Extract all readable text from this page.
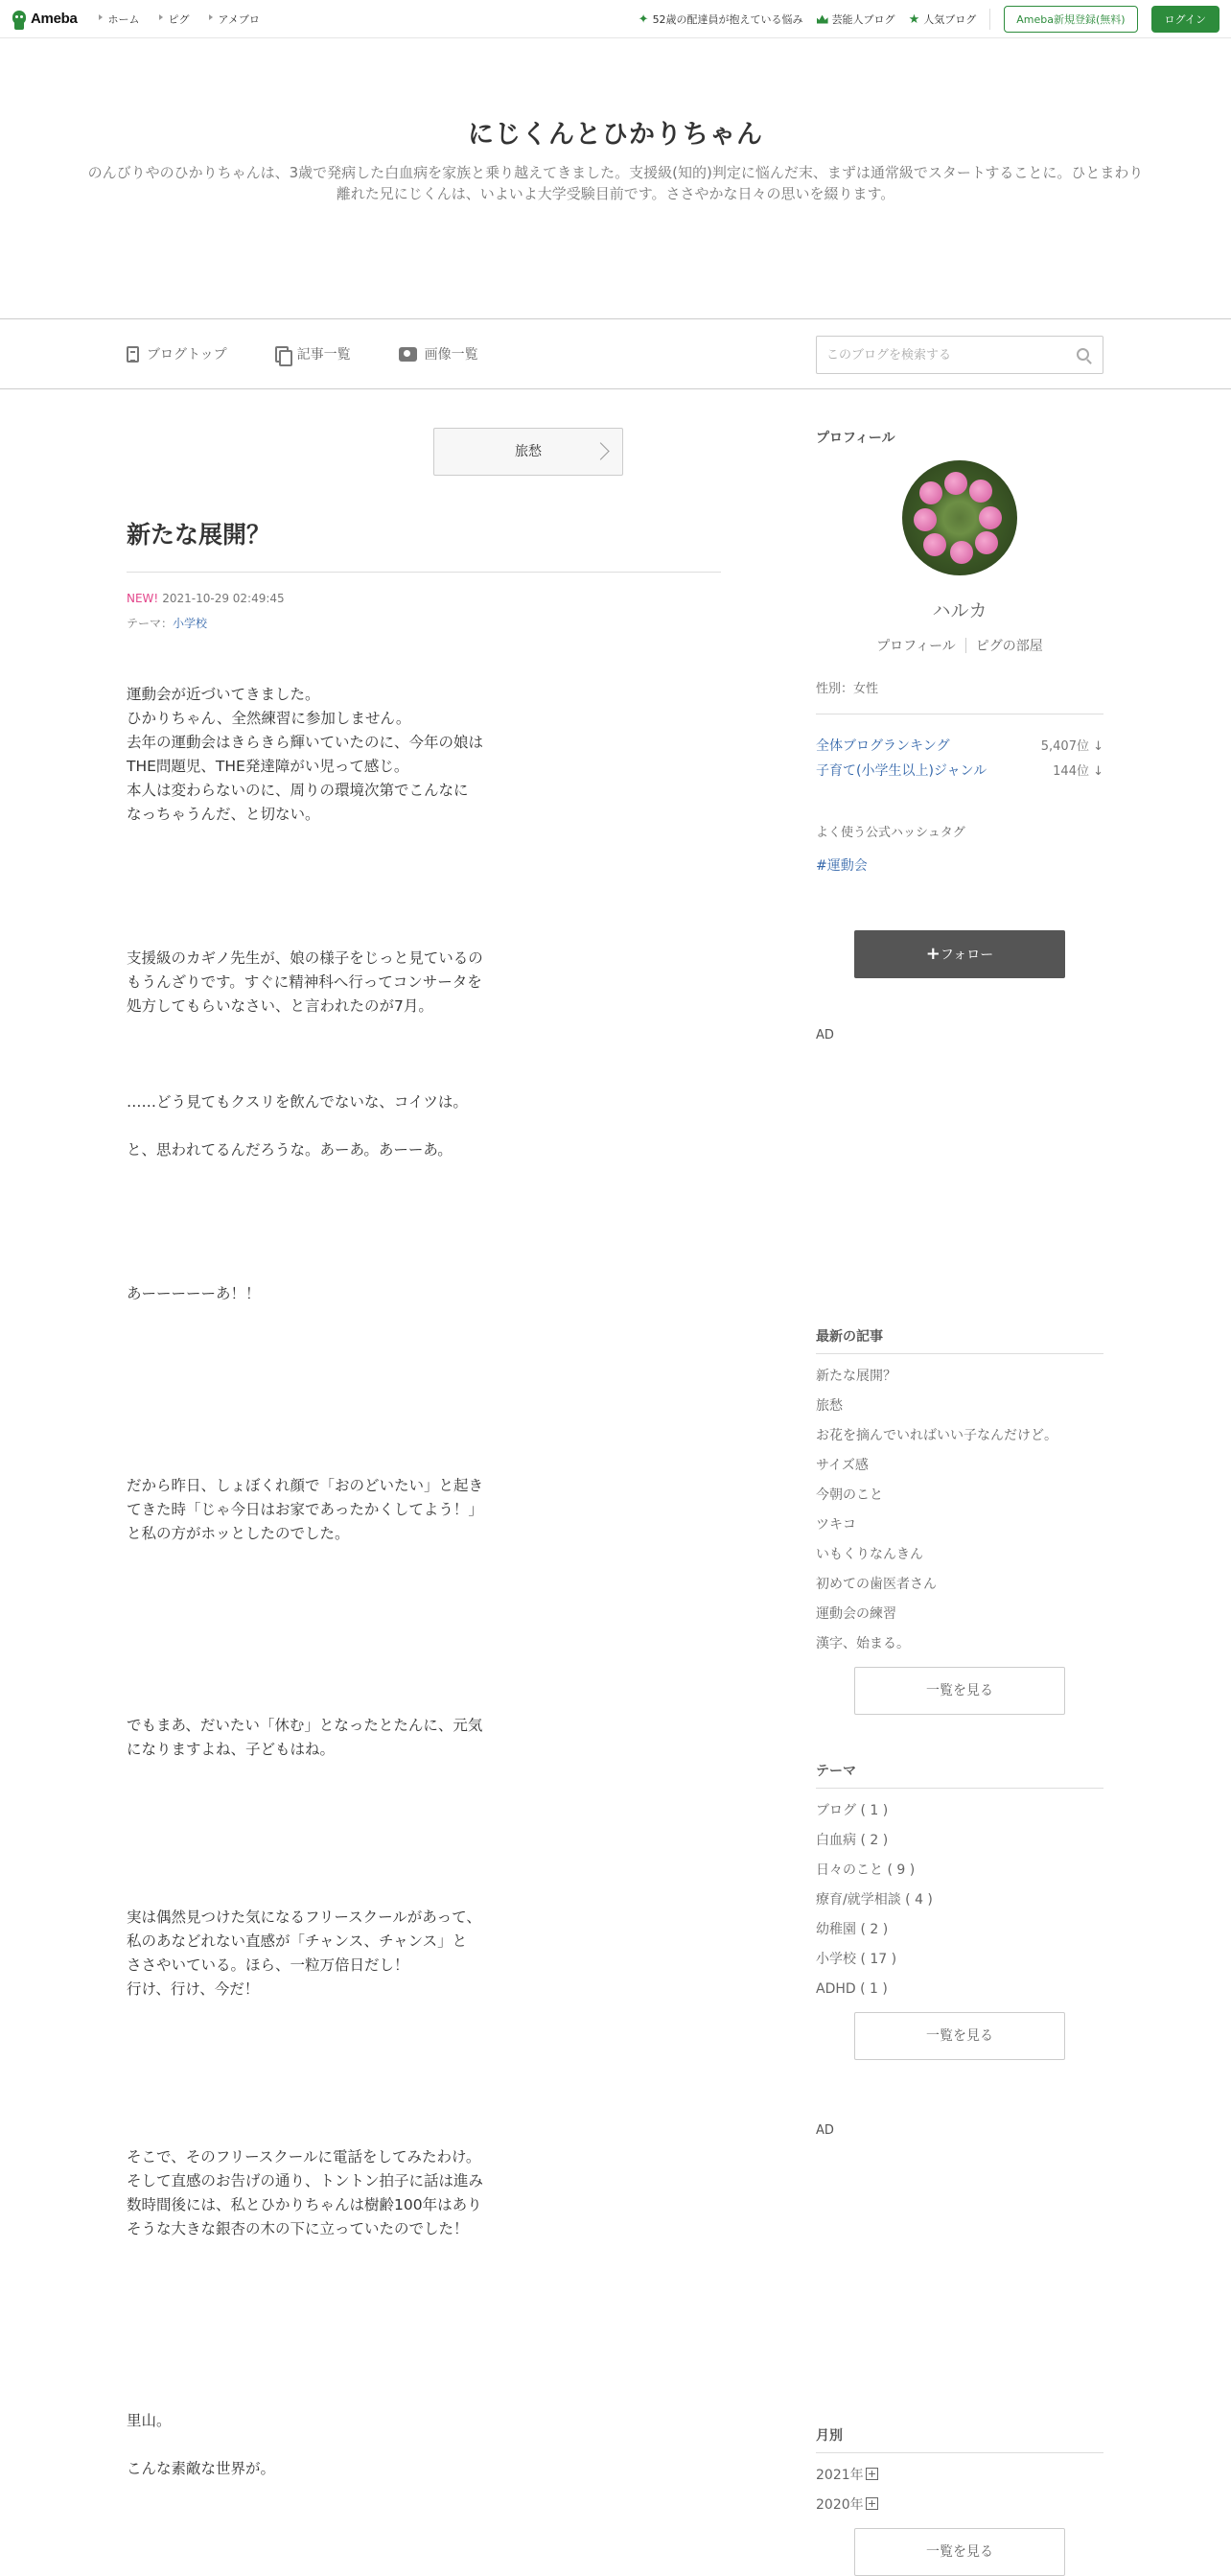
Ameba	ホーム	ピグ	アメブロ	✦ 52歳の配達員が抱えている悩み	芸能人ブログ ★ 人気ブログ	Ameba新規登録(無料)	ログイン
にじくんとひかりちゃん

のんびりやのひかりちゃんは、3歳で発病した白血病を家族と乗り越えてきました。支援級(知的)判定に悩んだ末、まずは通常級でスタートすることに。ひとまわり離れた兄にじくんは、いよいよ大学受験目前です。ささやかな日々の思いを綴ります。

ブログトップ	記事一覧	画像一覧
このブログを検索する
旅愁
新たな展開？
NEW! 2021-10-29 02:49:45
テーマ：小学校

運動会が近づいてきました。
ひかりちゃん、全然練習に参加しません。
去年の運動会はきらきら輝いていたのに、今年の娘は
THE問題児、THE発達障がい児って感じ。
本人は変わらないのに、周りの環境次第でこんなに
なっちゃうんだ、と切ない。

支援級のカギノ先生が、娘の様子をじっと見ているの
もうんざりです。すぐに精神科へ行ってコンサータを
処方してもらいなさい、と言われたのが7月。

……どう見てもクスリを飲んでないな、コイツは。

と、思われてるんだろうな。あーあ。あーーあ。

あーーーーーあ！！

だから昨日、しょぼくれ顔で「おのどいたい」と起き
てきた時「じゃ今日はお家であったかくしてよう！」
と私の方がホッとしたのでした。

でもまあ、だいたい「休む」となったとたんに、元気
になりますよね、子どもはね。

実は偶然見つけた気になるフリースクールがあって、
私のあなどれない直感が「チャンス、チャンス」と
ささやいている。ほら、一粒万倍日だし！
行け、行け、今だ！

そこで、そのフリースクールに電話をしてみたわけ。
そして直感のお告げの通り、トントン拍子に話は進み
数時間後には、私とひかりちゃんは樹齢100年はあり
そうな大きな銀杏の木の下に立っていたのでした！

里山。

こんな素敵な世界が。

プロフィール
ハルカ
プロフィール ピグの部屋
性別：女性
全体ブログランキング	5,407位 ↓
子育て(小学生以上)ジャンル	144位 ↓
よく使う公式ハッシュタグ
#運動会
+フォロー
AD
最新の記事
新たな展開？
旅愁
お花を摘んでいればいい子なんだけど。
サイズ感
今朝のこと
ツキコ
いもくりなんきん
初めての歯医者さん
運動会の練習
漢字、始まる。
一覧を見る
テーマ
ブログ ( 1 )
白血病 ( 2 )
日々のこと ( 9 )
療育/就学相談 ( 4 )
幼稚園 ( 2 )
小学校 ( 17 )
ADHD ( 1 )
一覧を見る
AD
月別
2021年
2020年
一覧を見る
